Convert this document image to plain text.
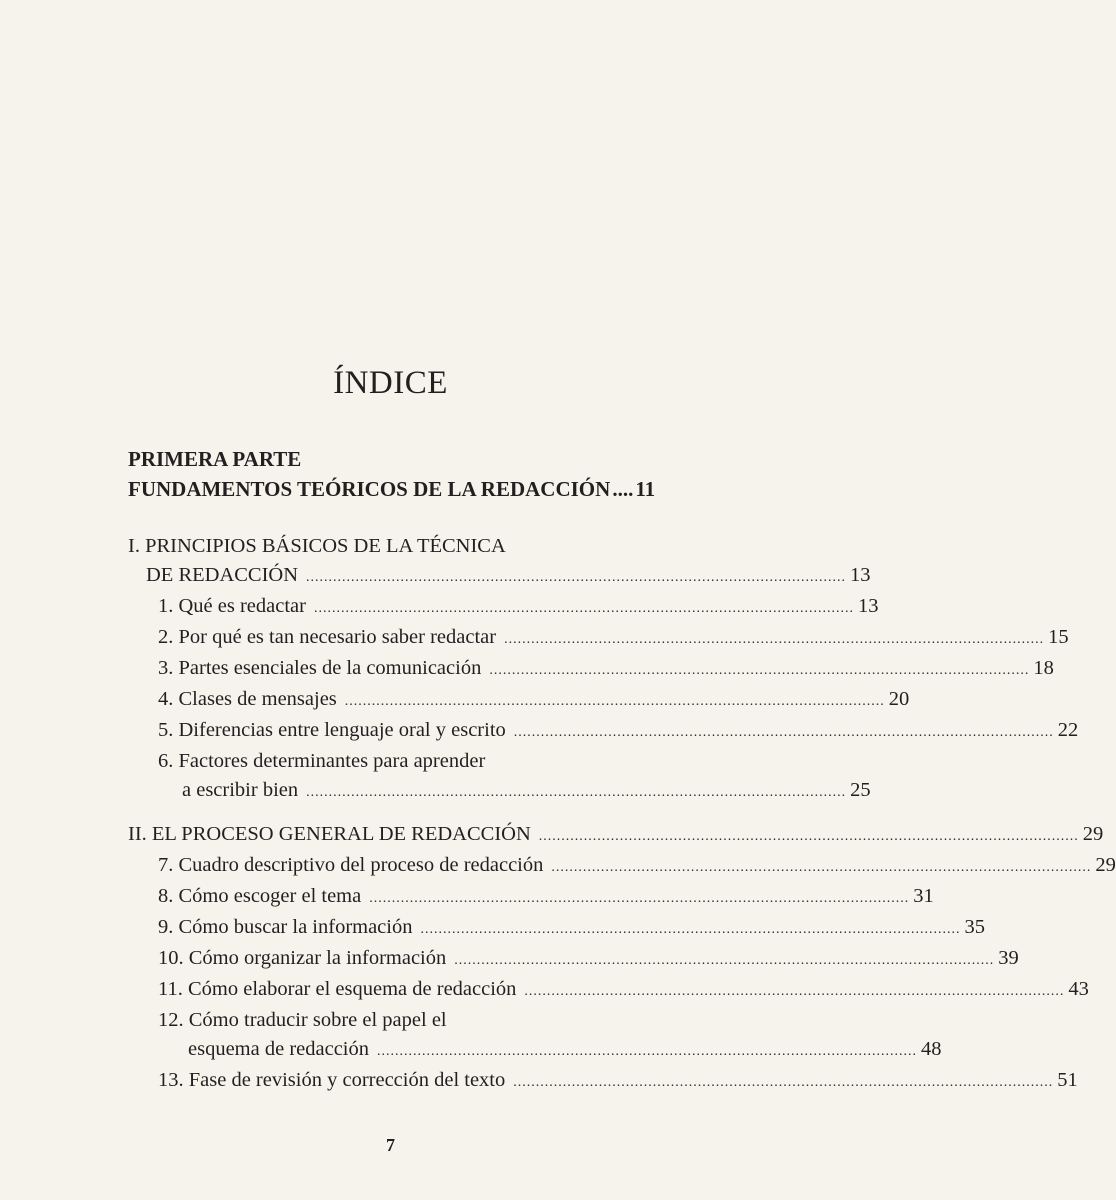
ÍNDICE
PRIMERA PARTE
FUNDAMENTOS TEÓRICOS DE LA REDACCIÓN .... 11
I. PRINCIPIOS BÁSICOS DE LA TÉCNICA
DE REDACCIÓN ........................................................................................................................ 13
1. Qué es redactar ........................................................................................................................ 13
2. Por qué es tan necesario saber redactar ........................................................................................................................ 15
3. Partes esenciales de la comunicación ........................................................................................................................ 18
4. Clases de mensajes ........................................................................................................................ 20
5. Diferencias entre lenguaje oral y escrito ........................................................................................................................ 22
6. Factores determinantes para aprender
a escribir bien ........................................................................................................................ 25
II. EL PROCESO GENERAL DE REDACCIÓN ........................................................................................................................ 29
7. Cuadro descriptivo del proceso de redacción ........................................................................................................................ 29
8. Cómo escoger el tema ........................................................................................................................ 31
9. Cómo buscar la información ........................................................................................................................ 35
10. Cómo organizar la información ........................................................................................................................ 39
11. Cómo elaborar el esquema de redacción ........................................................................................................................ 43
12. Cómo traducir sobre el papel el
esquema de redacción ........................................................................................................................ 48
13. Fase de revisión y corrección del texto ........................................................................................................................ 51
7
